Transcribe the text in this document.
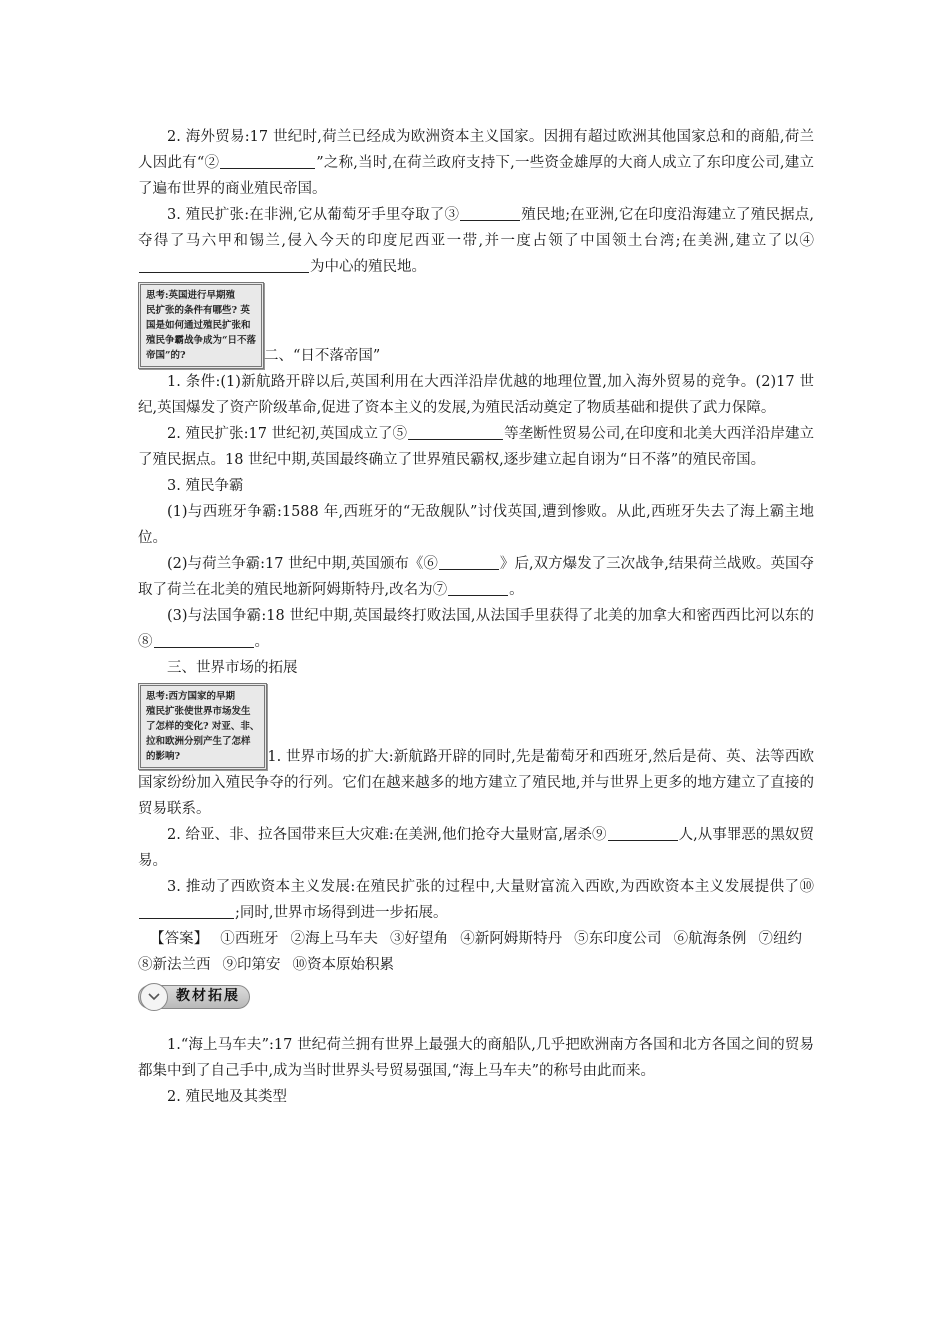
2. 海外贸易:17 世纪时,荷兰已经成为欧洲资本主义国家。因拥有超过欧洲其他国家总和的商船,荷兰人因此有“②	”之称,当时,在荷兰政府支持下,一些资金雄厚的大商人成立了东印度公司,建立了遍布世界的商业殖民帝国。

3. 殖民扩张:在非洲,它从葡萄牙手里夺取了③	殖民地;在亚洲,它在印度沿海建立了殖民据点,夺得了马六甲和锡兰,侵入今天的印度尼西亚一带,并一度占领了中国领土台湾;在美洲,建立了以④为中心的殖民地。

思考:英国进行早期殖
民扩张的条件有哪些? 英
国是如何通过殖民扩张和
殖民争霸战争成为“日不落
帝国”的?	二、“日不落帝国”

1. 条件:(1)新航路开辟以后,英国利用在大西洋沿岸优越的地理位置,加入海外贸易的竞争。(2)17 世纪,英国爆发了资产阶级革命,促进了资本主义的发展,为殖民活动奠定了物质基础和提供了武力保障。

2. 殖民扩张:17 世纪初,英国成立了⑤	等垄断性贸易公司,在印度和北美大西洋沿岸建立了殖民据点。18 世纪中期,英国最终确立了世界殖民霸权,逐步建立起自诩为“日不落”的殖民帝国。

3. 殖民争霸

(1)与西班牙争霸:1588 年,西班牙的“无敌舰队”讨伐英国,遭到惨败。从此,西班牙失去了海上霸主地位。

(2)与荷兰争霸:17 世纪中期,英国颁布《⑥	》后,双方爆发了三次战争,结果荷兰战败。英国夺取了荷兰在北美的殖民地新阿姆斯特丹,改名为⑦	。

(3)与法国争霸:18 世纪中期,英国最终打败法国,从法国手里获得了北美的加拿大和密西西比河以东的⑧	。

三、世界市场的拓展

思考:西方国家的早期
殖民扩张使世界市场发生
了怎样的变化? 对亚、非、
拉和欧洲分别产生了怎样
的影响?	1. 世界市场的扩大:新航路开辟的同时,先是葡萄牙和西班牙,然后是荷、英、法等西欧国家纷纷加入殖民争夺的行列。它们在越来越多的地方建立了殖民地,并与世界上更多的地方建立了直接的贸易联系。

2. 给亚、非、拉各国带来巨大灾难:在美洲,他们抢夺大量财富,屠杀⑨	人,从事罪恶的黑奴贸易。

3. 推动了西欧资本主义发展:在殖民扩张的过程中,大量财富流入西欧,为西欧资本主义发展提供了⑩;同时,世界市场得到进一步拓展。

【答案】 ①西班牙 ②海上马车夫 ③好望角 ④新阿姆斯特丹 ⑤东印度公司 ⑥航海条例 ⑦纽约⑧新法兰西 ⑨印第安 ⑩资本原始积累

教材拓展

1.“海上马车夫”:17 世纪荷兰拥有世界上最强大的商船队,几乎把欧洲南方各国和北方各国之间的贸易都集中到了自己手中,成为当时世界头号贸易强国,“海上马车夫”的称号由此而来。

2. 殖民地及其类型
